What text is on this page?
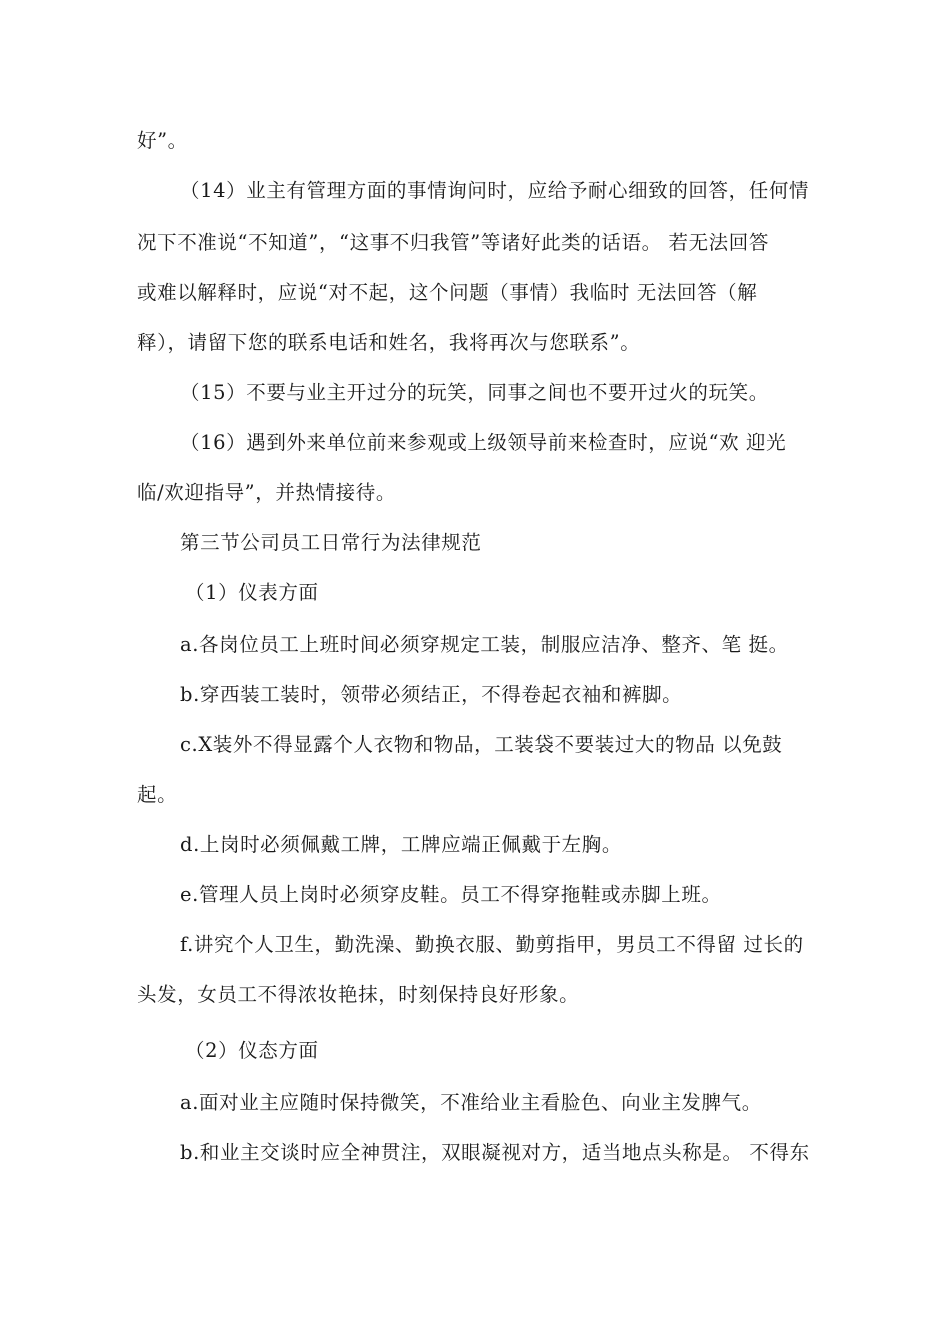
好”。
（14）业主有管理方面的事情询问时，应给予耐心细致的回答，任何情
况下不准说“不知道”，“这事不归我管”等诸好此类的话语。 若无法回答
或难以解释时，应说“对不起，这个问题（事情）我临时 无法回答（解
释），请留下您的联系电话和姓名，我将再次与您联系”。
（15）不要与业主开过分的玩笑，同事之间也不要开过火的玩笑。
（16）遇到外来单位前来参观或上级领导前来检查时，应说“欢 迎光
临/欢迎指导”，并热情接待。
第三节公司员工日常行为法律规范
（1）仪表方面
a.各岗位员工上班时间必须穿规定工装，制服应洁净、整齐、笔 挺。
b.穿西装工装时，领带必须结正，不得卷起衣袖和裤脚。
c.X装外不得显露个人衣物和物品，工装袋不要装过大的物品 以免鼓
起。
d.上岗时必须佩戴工牌，工牌应端正佩戴于左胸。
e.管理人员上岗时必须穿皮鞋。员工不得穿拖鞋或赤脚上班。
f.讲究个人卫生，勤洗澡、勤换衣服、勤剪指甲，男员工不得留 过长的
头发，女员工不得浓妆艳抹，时刻保持良好形象。
（2）仪态方面
a.面对业主应随时保持微笑，不准给业主看脸色、向业主发脾气。
b.和业主交谈时应全神贯注，双眼凝视对方，适当地点头称是。 不得东
